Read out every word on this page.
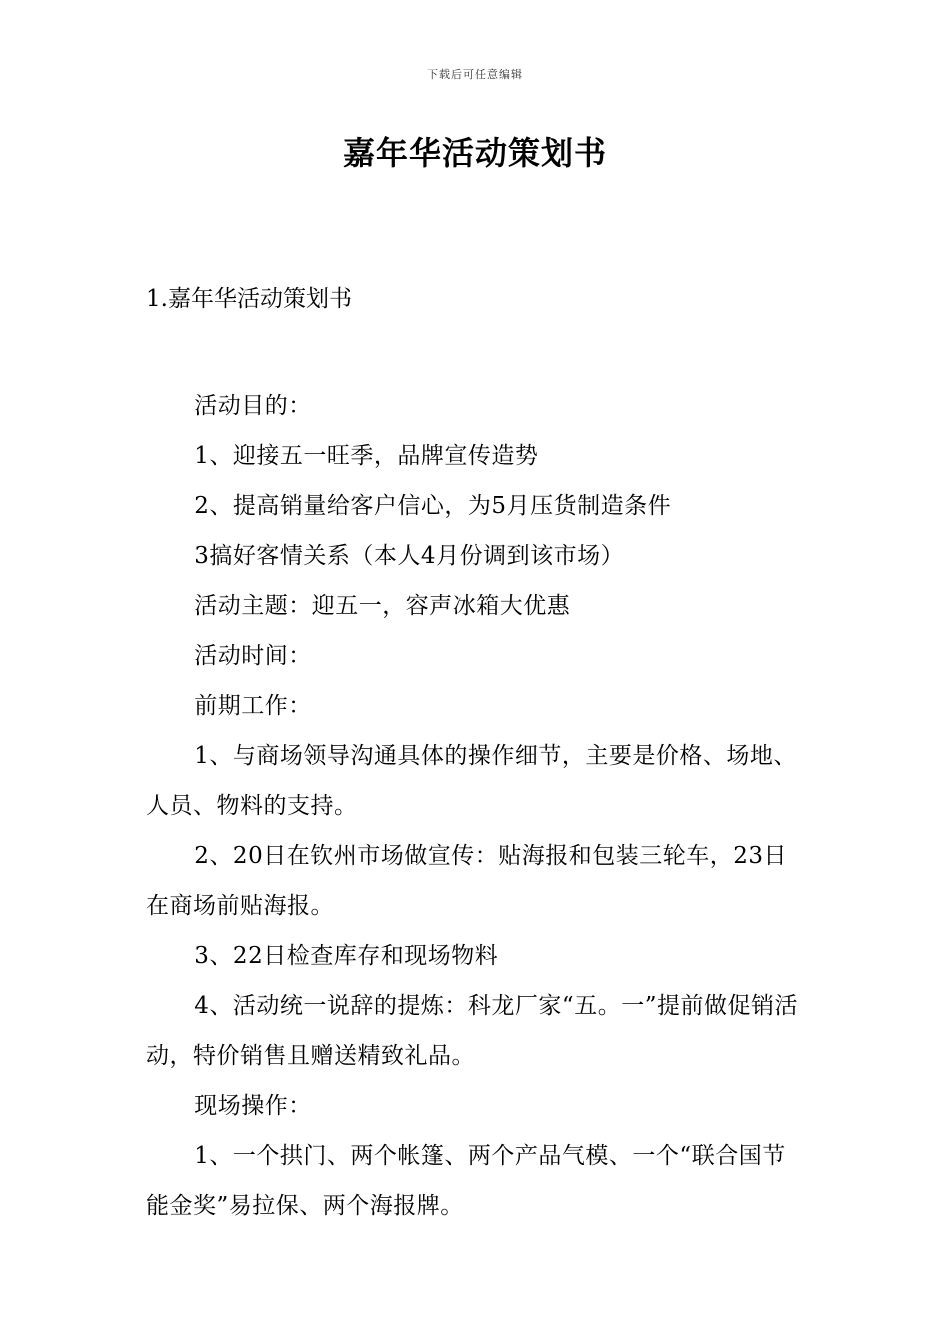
下载后可任意编辑
嘉年华活动策划书
1.嘉年华活动策划书

活动目的：

1、迎接五一旺季，品牌宣传造势

2、提高销量给客户信心，为5月压货制造条件

3搞好客情关系（本人4月份调到该市场）

活动主题：迎五一，容声冰箱大优惠

活动时间：

前期工作：

1、与商场领导沟通具体的操作细节，主要是价格、场地、人员、物料的支持。

2、20日在钦州市场做宣传：贴海报和包装三轮车，23日在商场前贴海报。

3、22日检查库存和现场物料

4、活动统一说辞的提炼：科龙厂家“五。一”提前做促销活动，特价销售且赠送精致礼品。

现场操作：

1、一个拱门、两个帐篷、两个产品气模、一个“联合国节能金奖”易拉保、两个海报牌。
